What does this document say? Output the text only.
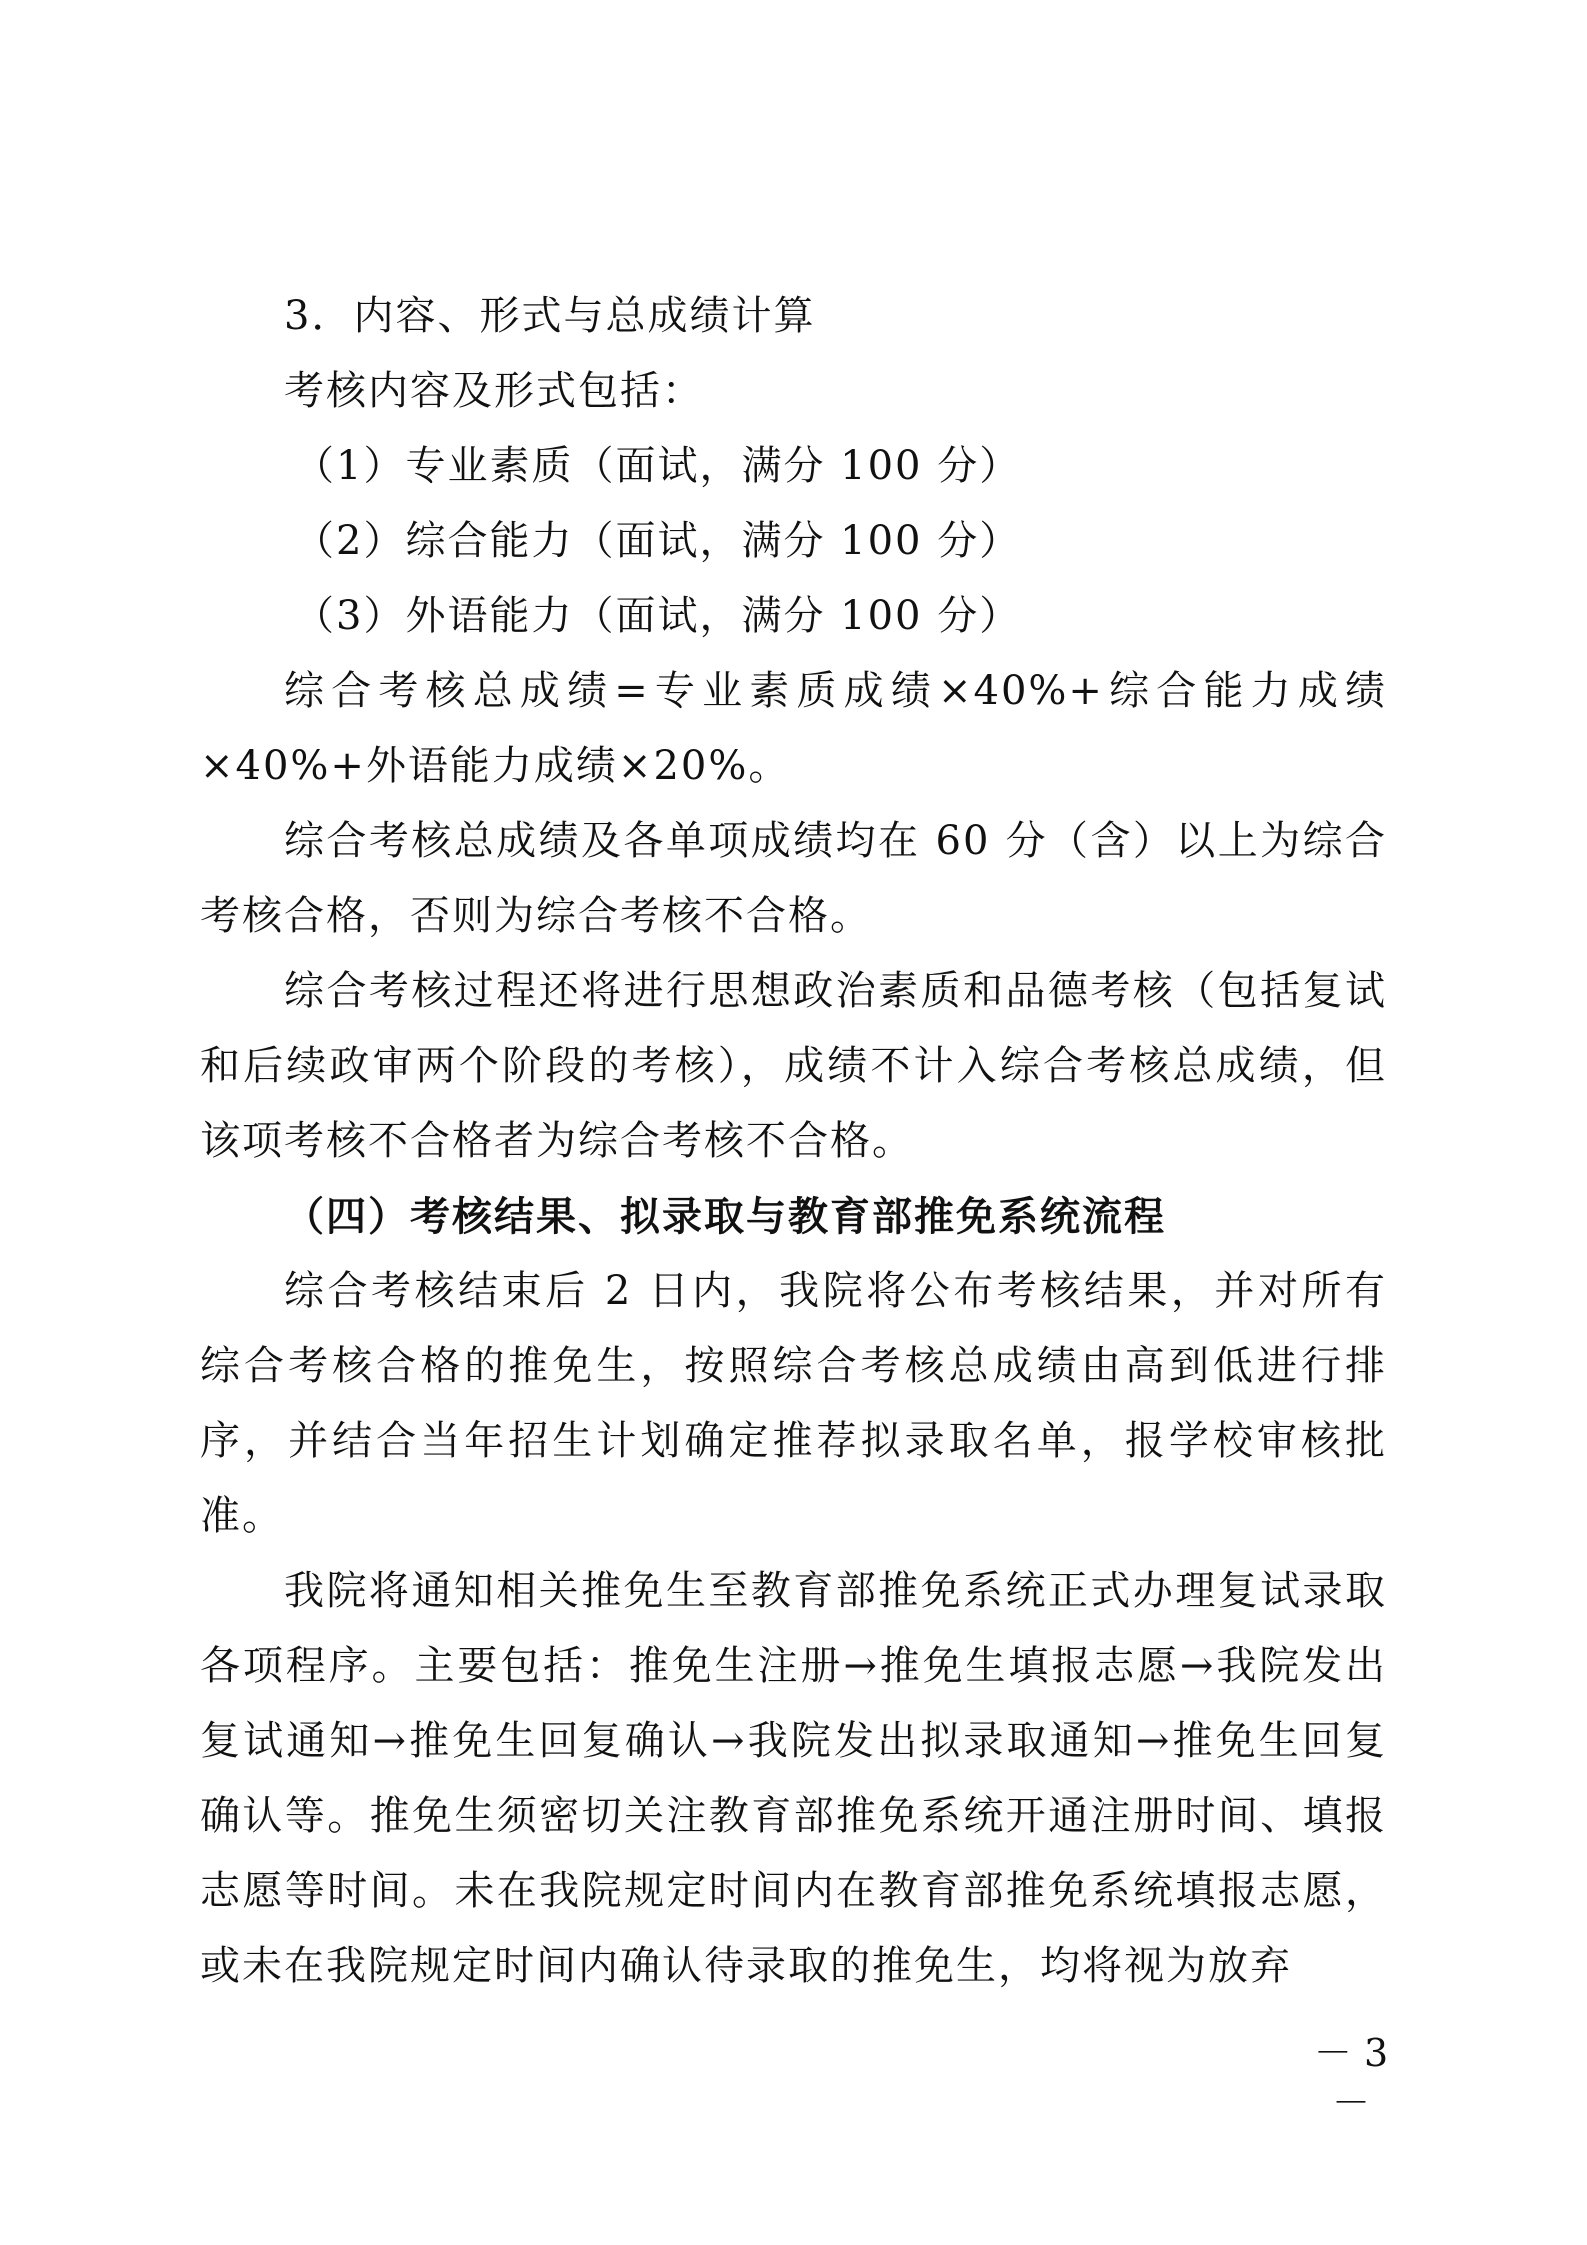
3．内容、形式与总成绩计算

考核内容及形式包括：

（1）专业素质（面试，满分 100 分）

（2）综合能力（面试，满分 100 分）

（3）外语能力（面试，满分 100 分）

综合考核总成绩=专业素质成绩×40%+综合能力成绩×40%+外语能力成绩×20%。

综合考核总成绩及各单项成绩均在 60 分（含）以上为综合考核合格，否则为综合考核不合格。

综合考核过程还将进行思想政治素质和品德考核（包括复试和后续政审两个阶段的考核），成绩不计入综合考核总成绩，但该项考核不合格者为综合考核不合格。

（四）考核结果、拟录取与教育部推免系统流程

综合考核结束后 2 日内，我院将公布考核结果，并对所有综合考核合格的推免生，按照综合考核总成绩由高到低进行排序，并结合当年招生计划确定推荐拟录取名单，报学校审核批准。

我院将通知相关推免生至教育部推免系统正式办理复试录取各项程序。主要包括：推免生注册→推免生填报志愿→我院发出复试通知→推免生回复确认→我院发出拟录取通知→推免生回复确认等。推免生须密切关注教育部推免系统开通注册时间、填报志愿等时间。未在我院规定时间内在教育部推免系统填报志愿，或未在我院规定时间内确认待录取的推免生，均将视为放弃

－ 3 －
